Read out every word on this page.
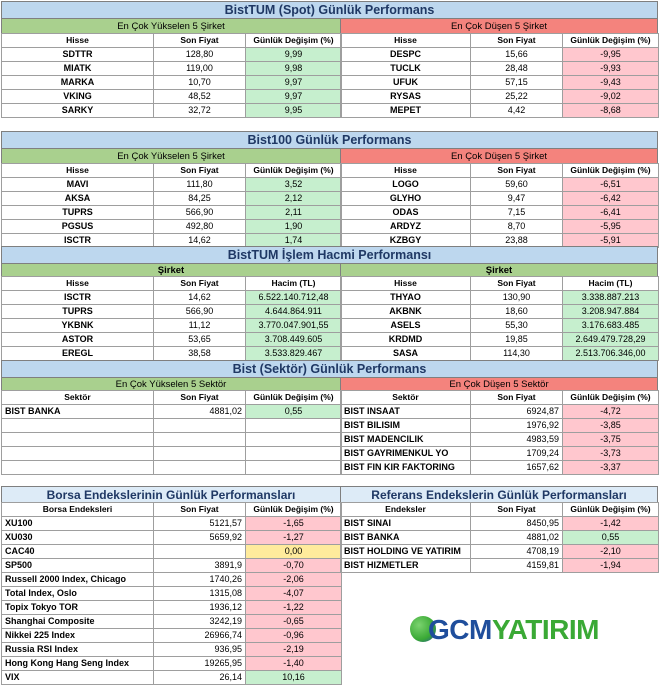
BistTUM (Spot) Günlük Performans
En Çok Yükselen 5 Şirket	En Çok Düşen 5 Şirket
Hisse	Son Fiyat	Günlük Değişim (%)
SDTTR	128,80	9,99
MIATK	119,00	9,98
MARKA	10,70	9,97
VKING	48,52	9,97
SARKY	32,72	9,95
Hisse	Son Fiyat	Günlük Değişim (%)
DESPC	15,66	-9,95
TUCLK	28,48	-9,93
UFUK	57,15	-9,43
RYSAS	25,22	-9,02
MEPET	4,42	-8,68
Bist100 Günlük Performans
En Çok Yükselen 5 Şirket	En Çok Düşen 5 Şirket
Hisse	Son Fiyat	Günlük Değişim (%)
MAVI	111,80	3,52
AKSA	84,25	2,12
TUPRS	566,90	2,11
PGSUS	492,80	1,90
ISCTR	14,62	1,74
Hisse	Son Fiyat	Günlük Değişim (%)
LOGO	59,60	-6,51
GLYHO	9,47	-6,42
ODAS	7,15	-6,41
ARDYZ	8,70	-5,95
KZBGY	23,88	-5,91
BistTUM İşlem Hacmi Performansı
Şirket	Şirket
Hisse	Son Fiyat	Hacim (TL)
ISCTR	14,62	6.522.140.712,48
TUPRS	566,90	4.644.864.911
YKBNK	11,12	3.770.047.901,55
ASTOR	53,65	3.708.449.605
EREGL	38,58	3.533.829.467
Hisse	Son Fiyat	Hacim (TL)
THYAO	130,90	3.338.887.213
AKBNK	18,60	3.208.947.884
ASELS	55,30	3.176.683.485
KRDMD	19,85	2.649.479.728,29
SASA	114,30	2.513.706.346,00
Bist (Sektör) Günlük Performans
En Çok Yükselen 5 Sektör	En Çok Düşen 5 Sektör
Sektör	Son Fiyat	Günlük Değişim (%)
BIST BANKA	4881,02	0,55

Sektör	Son Fiyat	Günlük Değişim (%)
BIST INSAAT	6924,87	-4,72
BIST BILISIM	1976,92	-3,85
BIST MADENCILIK	4983,59	-3,75
BIST GAYRIMENKUL YO	1709,24	-3,73
BIST FIN KIR FAKTORING	1657,62	-3,37
Borsa Endekslerinin Günlük Performansları	Referans Endekslerin Günlük Performansları
Borsa Endeksleri	Son Fiyat	Günlük Değişim (%)
XU100	5121,57	-1,65
XU030	5659,92	-1,27
CAC40		0,00
SP500	3891,9	-0,70
Russell 2000 Index, Chicago	1740,26	-2,06
Total Index, Oslo	1315,08	-4,07
Topix Tokyo TOR	1936,12	-1,22
Shanghai Composite	3242,19	-0,65
Nikkei 225 Index	26966,74	-0,96
Russia RSI Index	936,95	-2,19
Hong Kong Hang Seng Index	19265,95	-1,40
VIX	26,14	10,16
Endeksler	Son Fiyat	Günlük Değişim (%)
BIST SINAI	8450,95	-1,42
BIST BANKA	4881,02	0,55
BIST HOLDING VE YATIRIM	4708,19	-2,10
BIST HIZMETLER	4159,81	-1,94
GCM YATIRIM
